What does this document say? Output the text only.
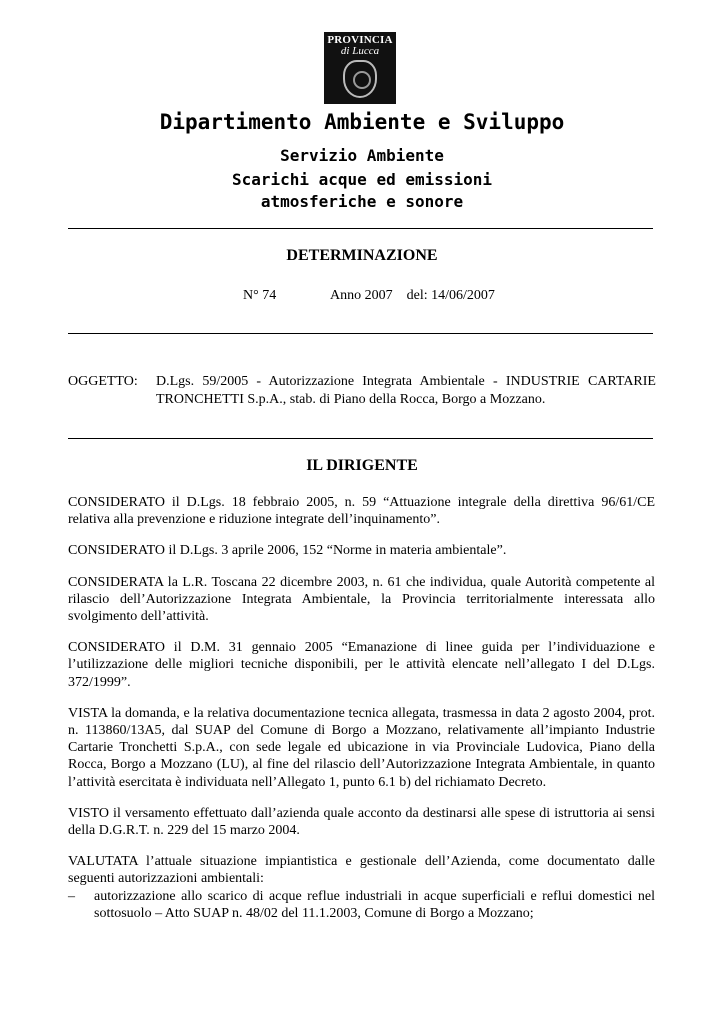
PROVINCIA
di Lucca
Dipartimento Ambiente e Sviluppo
Servizio Ambiente
Scarichi acque ed emissioni
atmosferiche e sonore
DETERMINAZIONE
N° 74	Anno 2007    del: 14/06/2007
OGGETTO: D.Lgs. 59/2005 - Autorizzazione Integrata Ambientale - INDUSTRIE CARTARIE TRONCHETTI S.p.A., stab. di Piano della Rocca, Borgo a Mozzano.
IL DIRIGENTE

CONSIDERATO il D.Lgs. 18 febbraio 2005, n. 59 “Attuazione integrale della direttiva 96/61/CE relativa alla prevenzione e riduzione integrate dell’inquinamento”.

CONSIDERATO il D.Lgs. 3 aprile 2006, 152 “Norme in materia ambientale”.

CONSIDERATA la L.R. Toscana 22 dicembre 2003, n. 61 che individua, quale Autorità competente al rilascio dell’Autorizzazione Integrata Ambientale, la Provincia territorialmente interessata allo svolgimento dell’attività.

CONSIDERATO il D.M. 31 gennaio 2005 “Emanazione di linee guida per l’individuazione e l’utilizzazione delle migliori tecniche disponibili, per le attività elencate nell’allegato I del D.Lgs. 372/1999”.

VISTA la domanda, e la relativa documentazione tecnica allegata, trasmessa in data 2 agosto 2004, prot. n. 113860/13A5, dal SUAP del Comune di Borgo a Mozzano, relativamente all’impianto Industrie Cartarie Tronchetti S.p.A., con sede legale ed ubicazione in via Provinciale Ludovica, Piano della Rocca, Borgo a Mozzano (LU), al fine del rilascio dell’Autorizzazione Integrata Ambientale, in quanto l’attività esercitata è individuata nell’Allegato 1, punto 6.1 b) del richiamato Decreto.

VISTO il versamento effettuato dall’azienda quale acconto da destinarsi alle spese di istruttoria ai sensi della D.G.R.T. n. 229 del 15 marzo 2004.

VALUTATA l’attuale situazione impiantistica e gestionale dell’Azienda, come documentato dalle seguenti autorizzazioni ambientali:

– autorizzazione allo scarico di acque reflue industriali in acque superficiali e reflui domestici nel sottosuolo – Atto SUAP n. 48/02 del 11.1.2003, Comune di Borgo a Mozzano;
